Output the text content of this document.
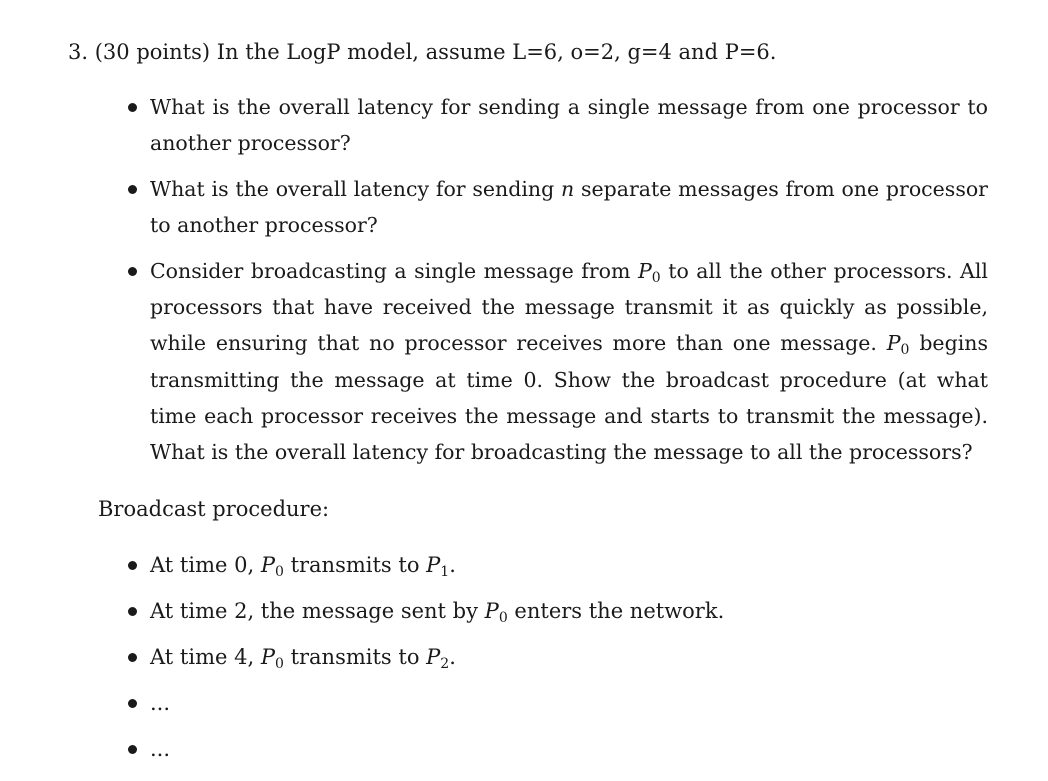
3. (30 points) In the LogP model, assume L=6, o=2, g=4 and P=6.
What is the overall latency for sending a single message from one processor to another processor?
What is the overall latency for sending n separate messages from one processor to another processor?
Consider broadcasting a single message from $P_0$ to all the other processors. All processors that have received the message transmit it as quickly as possible, while ensuring that no processor receives more than one message. $P_0$ begins transmitting the message at time 0. Show the broadcast procedure (at what time each processor receives the message and starts to transmit the message). What is the overall latency for broadcasting the message to all the processors?
Broadcast procedure:
At time 0, $P_0$ transmits to $P_1$.
At time 2, the message sent by $P_0$ enters the network.
At time 4, $P_0$ transmits to $P_2$.
...
...
